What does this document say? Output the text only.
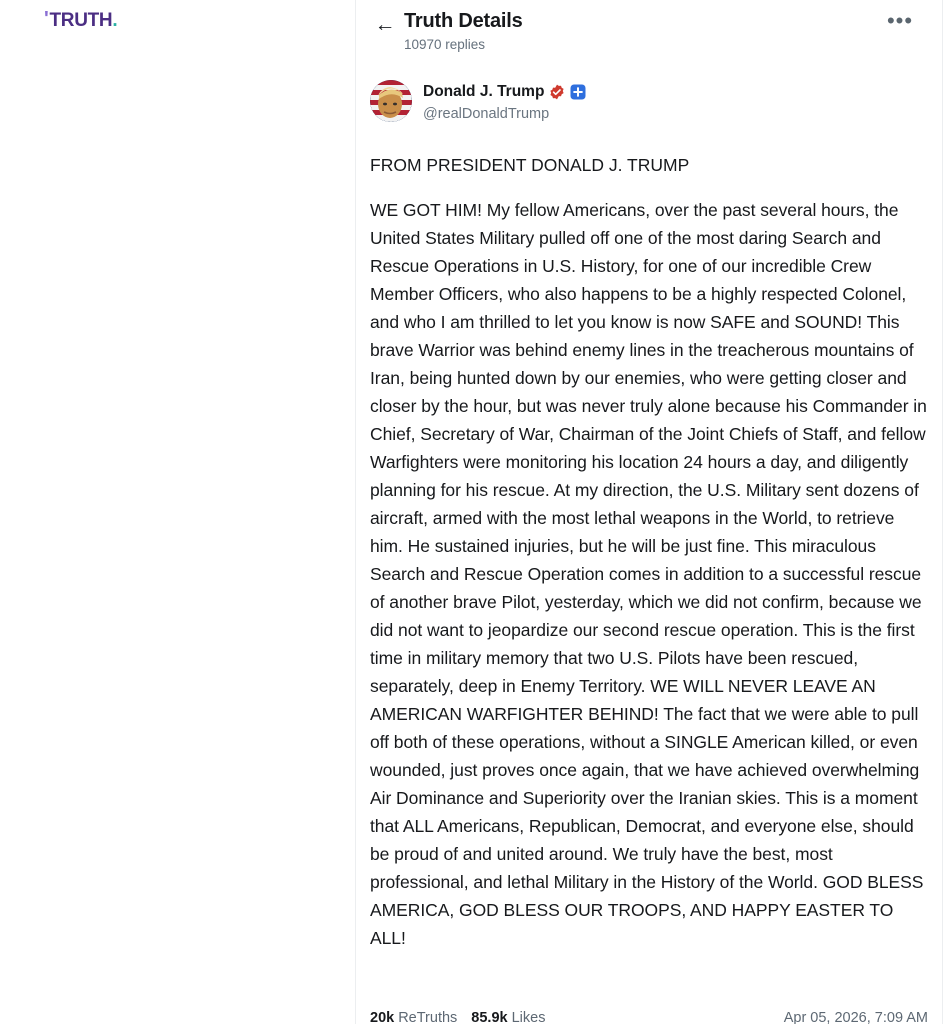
' TRUTH .	← Truth Details
10970 replies
•••
Donald J. Trump
@realDonaldTrump
FROM PRESIDENT DONALD J. TRUMP
WE GOT HIM! My fellow Americans, over the past several hours, the United States Military pulled off one of the most daring Search and Rescue Operations in U.S. History, for one of our incredible Crew Member Officers, who also happens to be a highly respected Colonel, and who I am thrilled to let you know is now SAFE and SOUND! This brave Warrior was behind enemy lines in the treacherous mountains of Iran, being hunted down by our enemies, who were getting closer and closer by the hour, but was never truly alone because his Commander in Chief, Secretary of War, Chairman of the Joint Chiefs of Staff, and fellow Warfighters were monitoring his location 24 hours a day, and diligently planning for his rescue. At my direction, the U.S. Military sent dozens of aircraft, armed with the most lethal weapons in the World, to retrieve him. He sustained injuries, but he will be just fine. This miraculous Search and Rescue Operation comes in addition to a successful rescue of another brave Pilot, yesterday, which we did not confirm, because we did not want to jeopardize our second rescue operation. This is the first time in military memory that two U.S. Pilots have been rescued, separately, deep in Enemy Territory. WE WILL NEVER LEAVE AN AMERICAN WARFIGHTER BEHIND! The fact that we were able to pull off both of these operations, without a SINGLE American killed, or even wounded, just proves once again, that we have achieved overwhelming Air Dominance and Superiority over the Iranian skies. This is a moment that ALL Americans, Republican, Democrat, and everyone else, should be proud of and united around. We truly have the best, most professional, and lethal Military in the History of the World. GOD BLESS AMERICA, GOD BLESS OUR TROOPS, AND HAPPY EASTER TO ALL!
20k ReTruths 85.9k Likes	Apr 05, 2026, 7:09 AM
